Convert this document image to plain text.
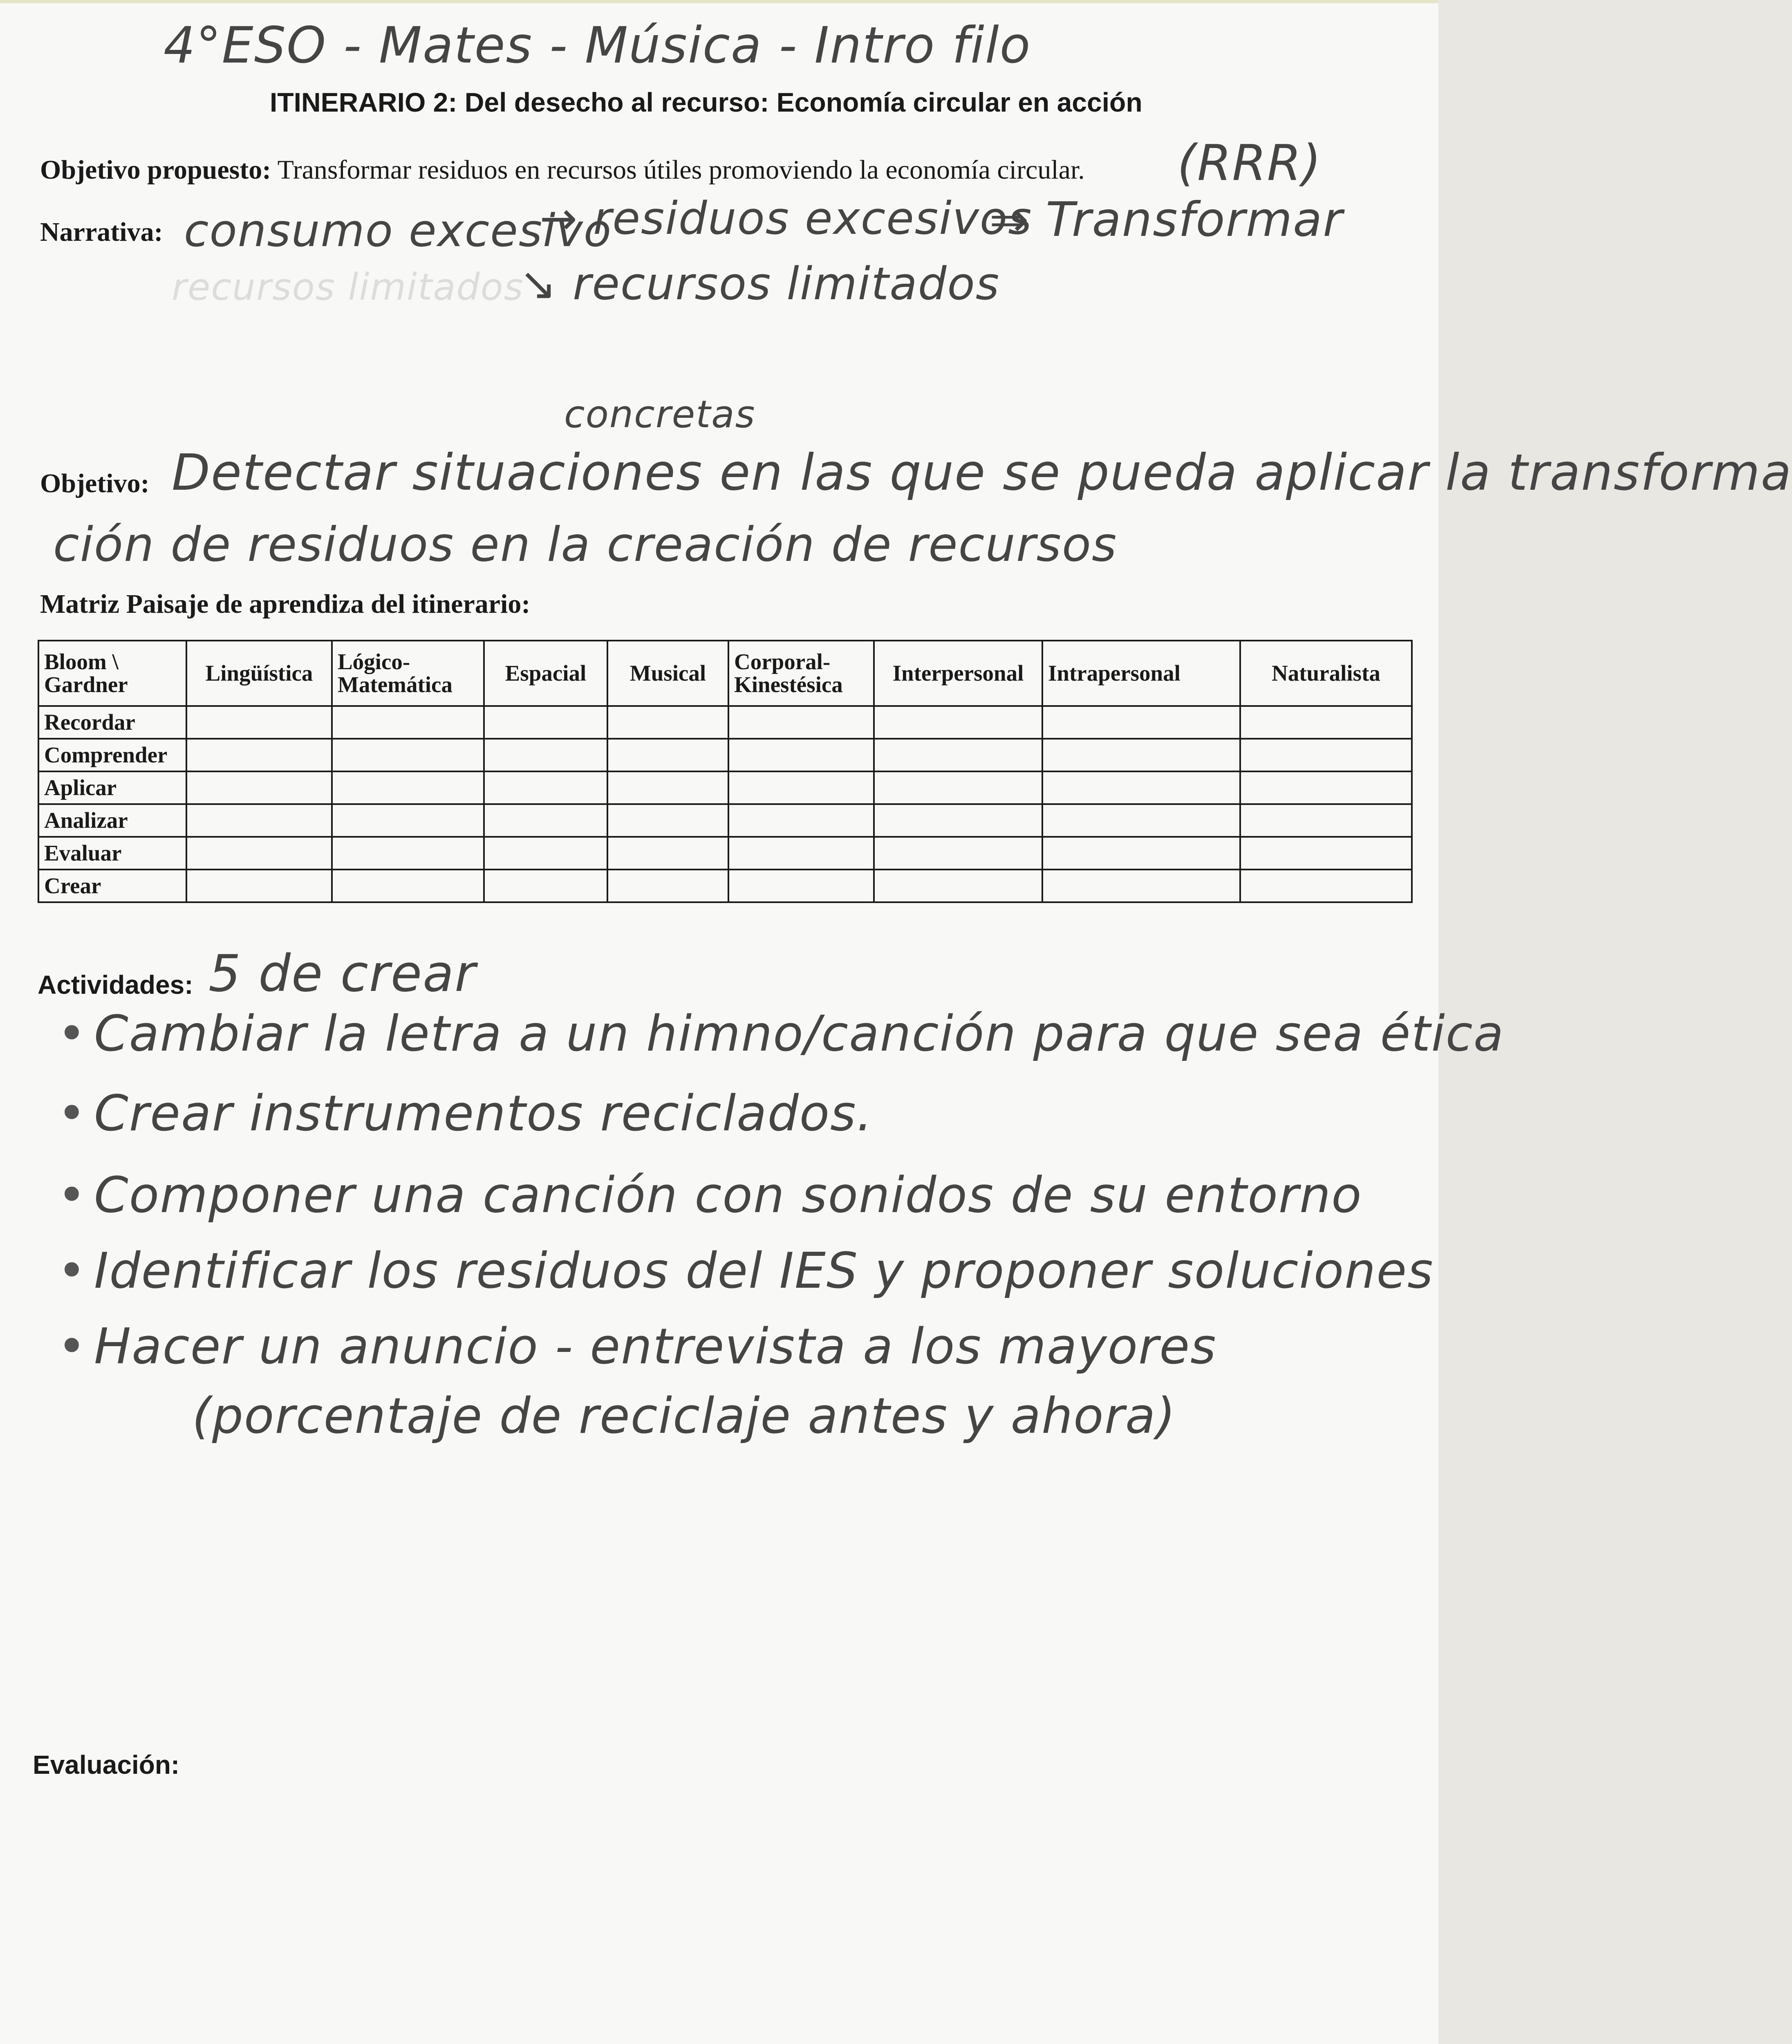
4°ESO - Mates - Música - Intro filo
ITINERARIO 2: Del desecho al recurso: Economía circular en acción
Objetivo propuesto: Transformar residuos en recursos útiles promoviendo la economía circular. (RRR)
Narrativa:
recursos limitados
consumo excesivo
→ residuos excesivos
⇒ Transformar
↘ recursos limitados
concretas
Objetivo: Detectar situaciones en las que se pueda aplicar la transforma
ción de residuos en la creación de recursos
Matriz Paisaje de aprendiza del itinerario:
Bloom \
Gardner	Lingüística	Lógico-Matemática	Espacial	Musical	Corporal-Kinestésica	Interpersonal	Intrapersonal	Naturalista
Recordar								
Comprender								
Aplicar								
Analizar								
Evaluar								
Crear								
Actividades: 5 de crear
• Cambiar la letra a un himno/canción para que sea ética
• Crear instrumentos reciclados.
• Componer una canción con sonidos de su entorno
• Identificar los residuos del IES y proponer soluciones
• Hacer un anuncio - entrevista a los mayores
(porcentaje de reciclaje antes y ahora)
Evaluación:
